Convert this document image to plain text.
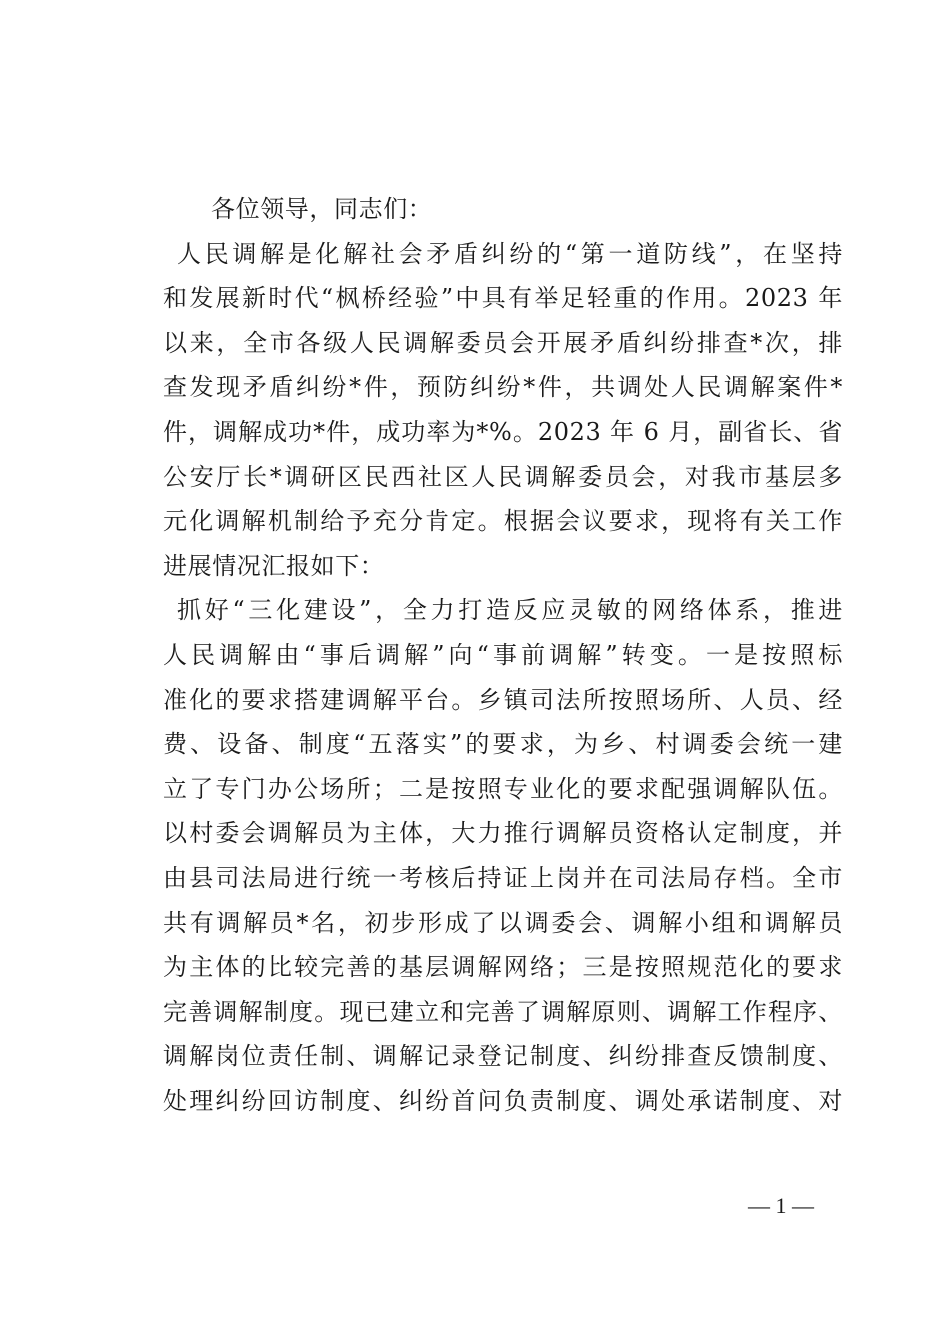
各位领导，同志们：
人民调解是化解社会矛盾纠纷的“第一道防线”，在坚持
和发展新时代“枫桥经验”中具有举足轻重的作用。2023 年
以来，全市各级人民调解委员会开展矛盾纠纷排查*次，排
查发现矛盾纠纷*件，预防纠纷*件，共调处人民调解案件*
件，调解成功*件，成功率为*%。2023 年 6 月，副省长、省
公安厅长*调研区民西社区人民调解委员会，对我市基层多
元化调解机制给予充分肯定。根据会议要求，现将有关工作
进展情况汇报如下：
抓好“三化建设”，全力打造反应灵敏的网络体系，推进
人民调解由“事后调解”向“事前调解”转变。一是按照标
准化的要求搭建调解平台。乡镇司法所按照场所、人员、经
费、设备、制度“五落实”的要求，为乡、村调委会统一建
立了专门办公场所；二是按照专业化的要求配强调解队伍。
以村委会调解员为主体，大力推行调解员资格认定制度，并
由县司法局进行统一考核后持证上岗并在司法局存档。全市
共有调解员*名，初步形成了以调委会、调解小组和调解员
为主体的比较完善的基层调解网络；三是按照规范化的要求
完善调解制度。现已建立和完善了调解原则、调解工作程序、
调解岗位责任制、调解记录登记制度、纠纷排查反馈制度、
处理纠纷回访制度、纠纷首问负责制度、调处承诺制度、对
— 1 —
